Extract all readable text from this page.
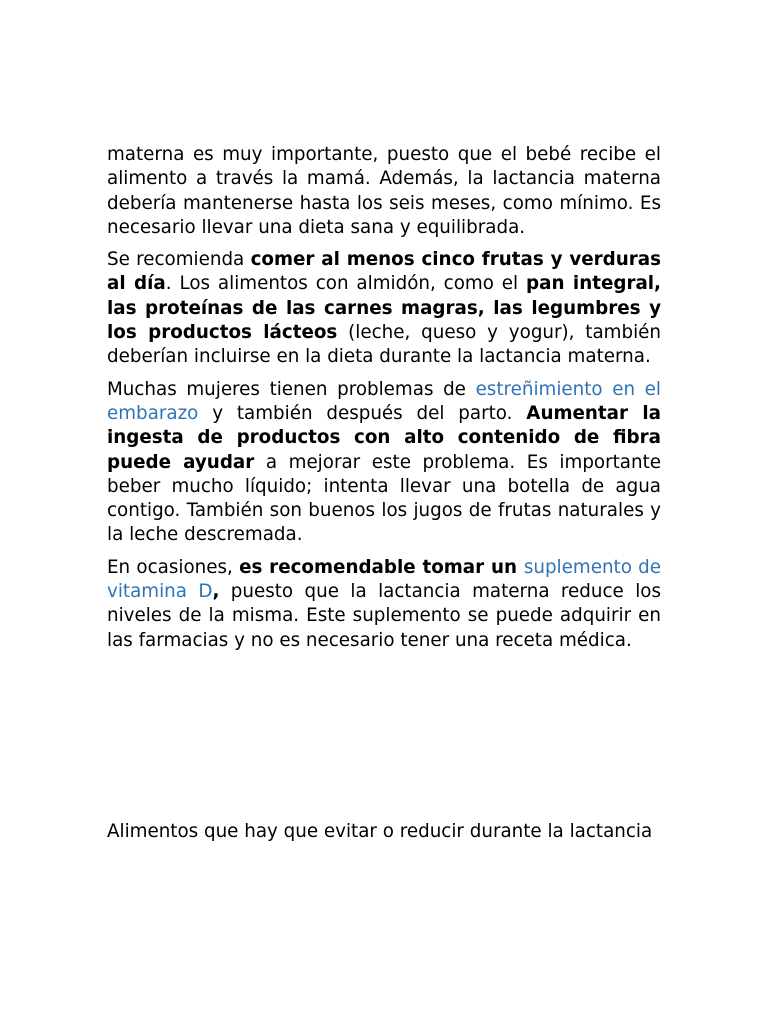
materna es muy importante, puesto que el bebé recibe el alimento a través la mamá. Además, la lactancia materna debería mantenerse hasta los seis meses, como mínimo. Es necesario llevar una dieta sana y equilibrada.

Se recomienda comer al menos cinco frutas y verduras al día. Los alimentos con almidón, como el pan integral, las proteínas de las carnes magras, las legumbres y los productos lácteos (leche, queso y yogur), también deberían incluirse en la dieta durante la lactancia materna.

Muchas mujeres tienen problemas de estreñimiento en el embarazo y también después del parto. Aumentar la ingesta de productos con alto contenido de fibra puede ayudar a mejorar este problema. Es importante beber mucho líquido; intenta llevar una botella de agua contigo. También son buenos los jugos de frutas naturales y la leche descremada.

En ocasiones, es recomendable tomar un suplemento de vitamina D, puesto que la lactancia materna reduce los niveles de la misma. Este suplemento se puede adquirir en las farmacias y no es necesario tener una receta médica.

Alimentos que hay que evitar o reducir durante la lactancia
